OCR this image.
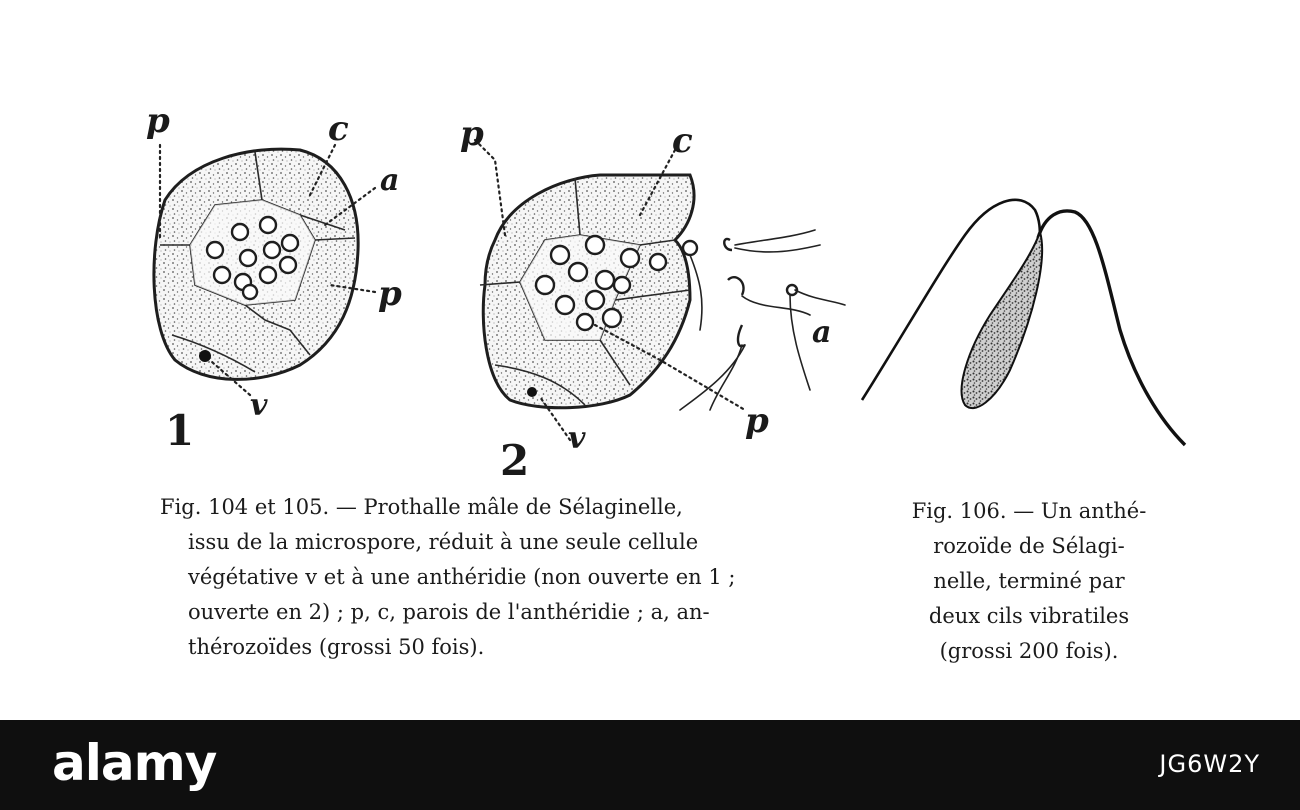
p	c
a
p
v
1
p	c
a
p
v
2
Fig. 104 et 105. — Prothalle mâle de Sélaginelle,
issu de la microspore, réduit à une seule cellule
végétative v et à une anthéridie (non ouverte en 1 ;
ouverte en 2) ; p, c, parois de l'anthéridie ; a, an-
thérozoïdes (grossi 50 fois).
Fig. 106. — Un anthé-
rozoïde de Sélagi-
nelle, terminé par
deux cils vibratiles
(grossi 200 fois).
alamy	JG6W2Y
